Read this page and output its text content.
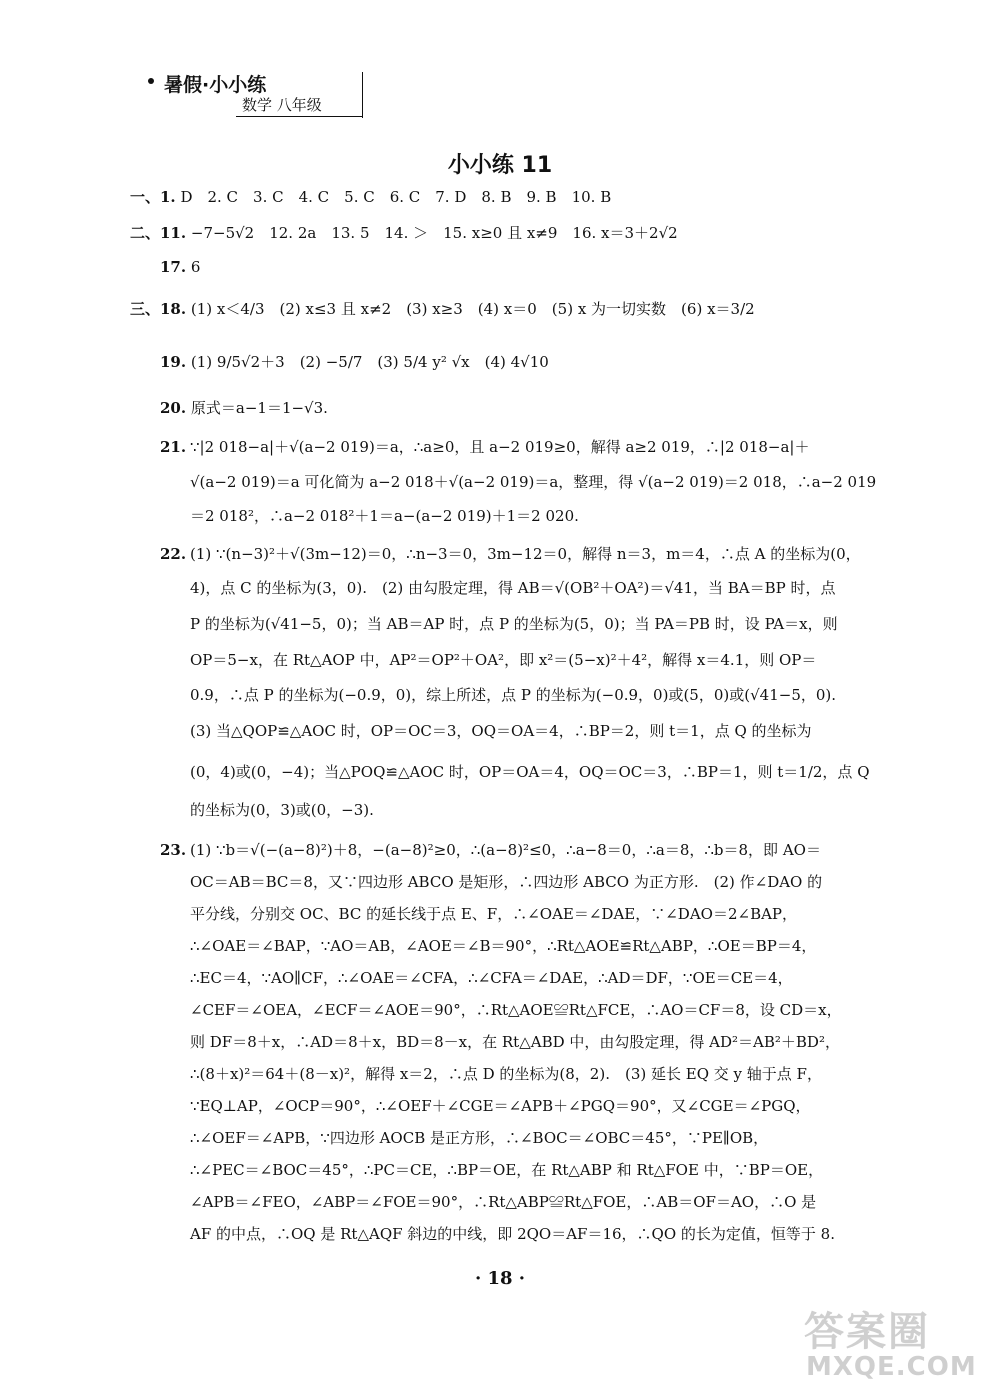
暑假·小小练
数学 八年级
小小练 11
一、1. D　2. C　3. C　4. C　5. C　6. C　7. D　8. B　9. B　10. B
二、11. −7−5√2　12. 2a　13. 5　14. ＞　15. x≥0 且 x≠9　16. x＝3＋2√2
17. 6
三、18. (1) x＜4/3　(2) x≤3 且 x≠2　(3) x≥3　(4) x＝0　(5) x 为一切实数　(6) x＝3/2
19. (1) 9/5√2＋3　(2) −5/7　(3) 5/4 y² √x　(4) 4√10
20. 原式＝a−1＝1−√3.
21. ∵|2 018−a|＋√(a−2 019)＝a，∴a≥0，且 a−2 019≥0，解得 a≥2 019，∴|2 018−a|＋
√(a−2 019)＝a 可化简为 a−2 018＋√(a−2 019)＝a，整理，得 √(a−2 019)＝2 018，∴a−2 019
＝2 018²，∴a−2 018²＋1＝a−(a−2 019)＋1＝2 020.
22. (1) ∵(n−3)²＋√(3m−12)＝0，∴n−3＝0，3m−12＝0，解得 n＝3，m＝4，∴点 A 的坐标为(0，
4)，点 C 的坐标为(3，0).　(2) 由勾股定理，得 AB＝√(OB²＋OA²)＝√41，当 BA＝BP 时，点
P 的坐标为(√41−5，0)；当 AB＝AP 时，点 P 的坐标为(5，0)；当 PA＝PB 时，设 PA＝x，则
OP＝5−x，在 Rt△AOP 中，AP²＝OP²＋OA²，即 x²＝(5−x)²＋4²，解得 x＝4.1，则 OP＝
0.9，∴点 P 的坐标为(−0.9，0)，综上所述，点 P 的坐标为(−0.9，0)或(5，0)或(√41−5，0).
(3) 当△QOP≌△AOC 时，OP＝OC＝3，OQ＝OA＝4，∴BP＝2，则 t＝1，点 Q 的坐标为
(0，4)或(0，−4)；当△POQ≌△AOC 时，OP＝OA＝4，OQ＝OC＝3，∴BP＝1，则 t＝1/2，点 Q
的坐标为(0，3)或(0，−3).
23. (1) ∵b＝√(−(a−8)²)＋8，−(a−8)²≥0，∴(a−8)²≤0，∴a−8＝0，∴a＝8，∴b＝8，即 AO＝
OC＝AB＝BC＝8，又∵四边形 ABCO 是矩形，∴四边形 ABCO 为正方形.　(2) 作∠DAO 的
平分线，分别交 OC、BC 的延长线于点 E、F，∴∠OAE＝∠DAE，∵∠DAO＝2∠BAP，
∴∠OAE＝∠BAP，∵AO＝AB，∠AOE＝∠B＝90°，∴Rt△AOE≌Rt△ABP，∴OE＝BP＝4，
∴EC＝4，∵AO∥CF，∴∠OAE＝∠CFA，∴∠CFA＝∠DAE，∴AD＝DF，∵OE＝CE＝4，
∠CEF＝∠OEA，∠ECF＝∠AOE＝90°，∴Rt△AOE≌Rt△FCE，∴AO＝CF＝8，设 CD＝x，
则 DF＝8＋x，∴AD＝8＋x，BD＝8－x，在 Rt△ABD 中，由勾股定理，得 AD²＝AB²＋BD²，
∴(8＋x)²＝64＋(8－x)²，解得 x＝2，∴点 D 的坐标为(8，2).　(3) 延长 EQ 交 y 轴于点 F，
∵EQ⊥AP，∠OCP＝90°，∴∠OEF＋∠CGE＝∠APB＋∠PGQ＝90°，又∠CGE＝∠PGQ，
∴∠OEF＝∠APB，∵四边形 AOCB 是正方形，∴∠BOC＝∠OBC＝45°，∵PE∥OB，
∴∠PEC＝∠BOC＝45°，∴PC＝CE，∴BP＝OE，在 Rt△ABP 和 Rt△FOE 中，∵BP＝OE，
∠APB＝∠FEO，∠ABP＝∠FOE＝90°，∴Rt△ABP≌Rt△FOE，∴AB＝OF＝AO，∴O 是
AF 的中点，∴OQ 是 Rt△AQF 斜边的中线，即 2QO＝AF＝16，∴QO 的长为定值，恒等于 8.
· 18 ·
答案圈
MXQE.COM
